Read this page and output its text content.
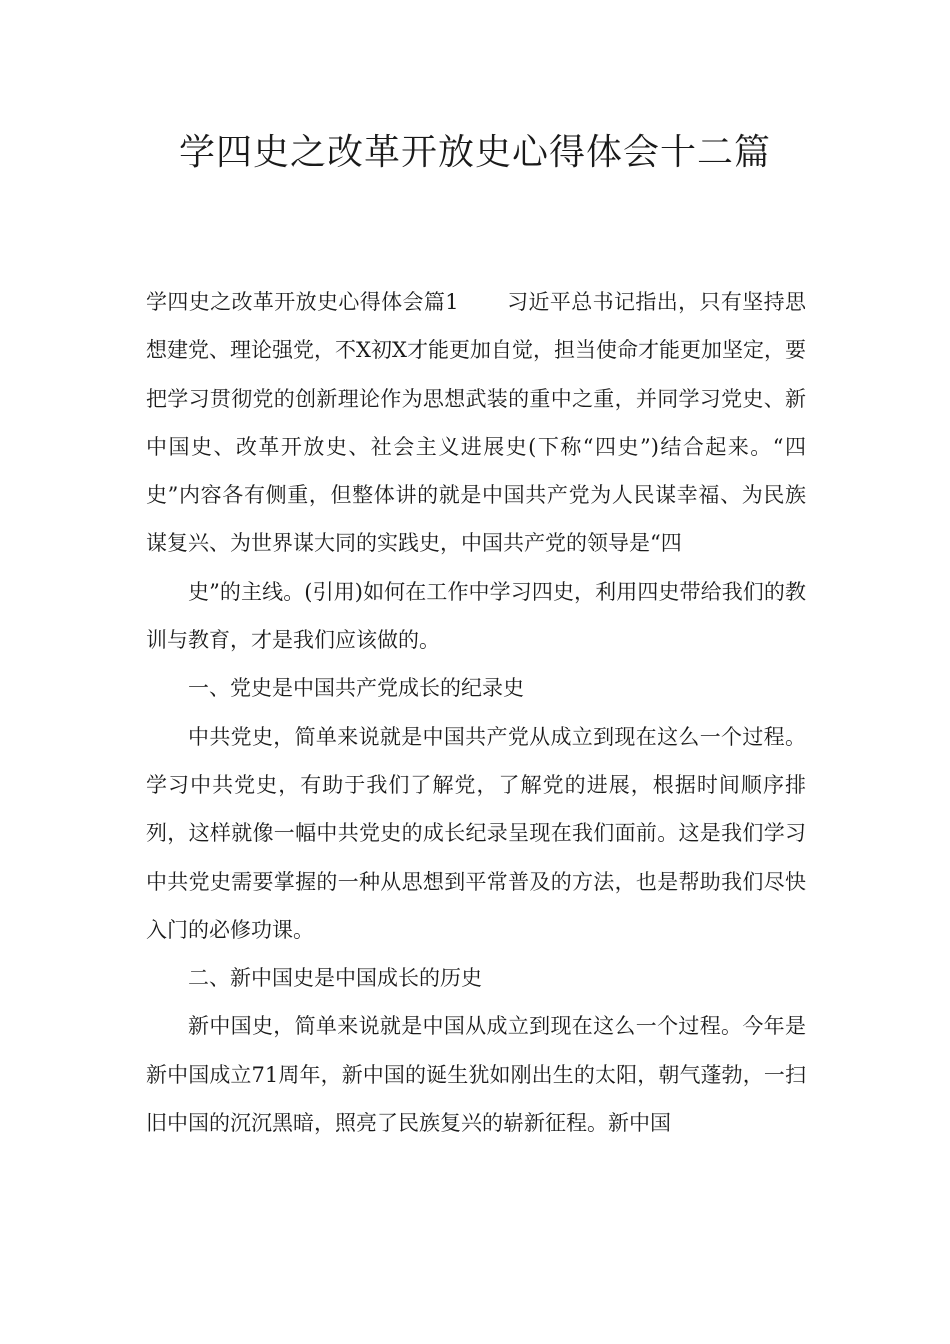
学四史之改革开放史心得体会十二篇

学四史之改革开放史心得体会篇1 习近平总书记指出，只有坚持思想建党、理论强党，不X初X才能更加自觉，担当使命才能更加坚定，要把学习贯彻党的创新理论作为思想武装的重中之重，并同学习党史、新中国史、改革开放史、社会主义进展史(下称“四史”)结合起来。“四史”内容各有侧重，但整体讲的就是中国共产党为人民谋幸福、为民族谋复兴、为世界谋大同的实践史，中国共产党的领导是“四

史”的主线。(引用)如何在工作中学习四史，利用四史带给我们的教训与教育，才是我们应该做的。

一、党史是中国共产党成长的纪录史

中共党史，简单来说就是中国共产党从成立到现在这么一个过程。学习中共党史，有助于我们了解党，了解党的进展，根据时间顺序排列，这样就像一幅中共党史的成长纪录呈现在我们面前。这是我们学习中共党史需要掌握的一种从思想到平常普及的方法，也是帮助我们尽快入门的必修功课。

二、新中国史是中国成长的历史

新中国史，简单来说就是中国从成立到现在这么一个过程。今年是新中国成立71周年，新中国的诞生犹如刚出生的太阳，朝气蓬勃，一扫旧中国的沉沉黑暗，照亮了民族复兴的崭新征程。新中国
